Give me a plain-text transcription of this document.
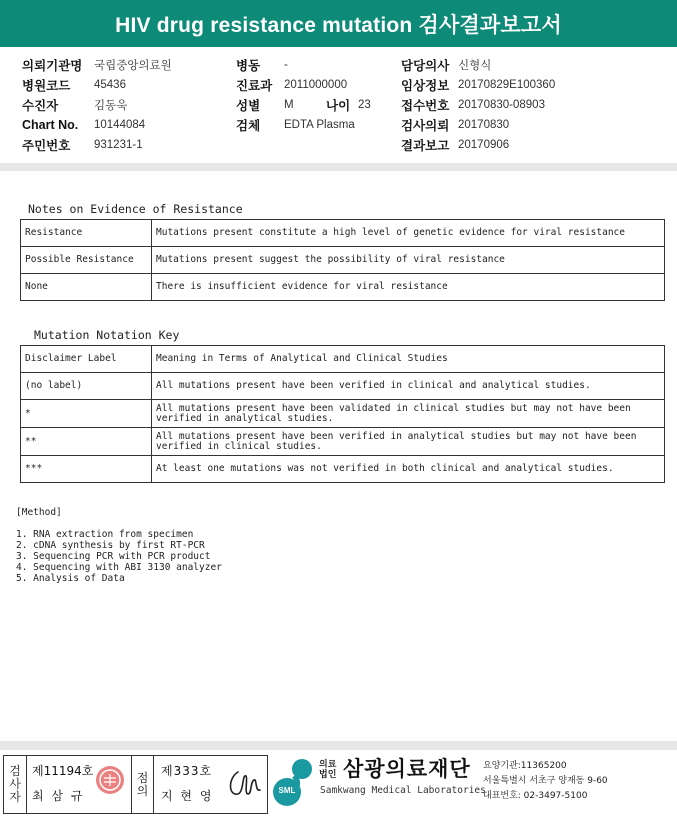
HIV drug resistance mutation 검사결과보고서
의뢰기관명	국립중앙의료원
병원코드	45436
수진자	김동욱
Chart No.	10144084
주민번호	931231-1
병동	-
진료과	2011000000
성별	M	나이 23
검체	EDTA Plasma
담당의사 신형식
임상정보 20170829E100360
접수번호 20170830-08903
검사의뢰 20170830
결과보고 20170906
Notes on Evidence of Resistance
Resistance	Mutations present constitute a high level of genetic evidence for viral resistance
Possible Resistance	Mutations present suggest the possibility of viral resistance
None	There is insufficient evidence for viral resistance
Mutation Notation Key
Disclaimer Label	Meaning in Terms of Analytical and Clinical Studies
(no label)	All mutations present have been verified in clinical and analytical studies.
*	All mutations present have been validated in clinical studies but may not have been verified in analytical studies.
**	All mutations present have been verified in analytical studies but may not have been verified in clinical studies.
***	At least one mutations was not verified in both clinical and analytical studies.
[Method]
1. RNA extraction from specimen
2. cDNA synthesis by first RT-PCR
3. Sequencing PCR with PCR product
4. Sequencing with ABI 3130 analyzer
5. Analysis of Data
검사자
제11194호
최 삼 규
점의
제333호
지 현 영	SML
의료
법인 삼광의료재단
Samkwang Medical Laboratories
요양기관:11365200
서울특별시 서초구 양재동 9-60
대표번호: 02-3497-5100
